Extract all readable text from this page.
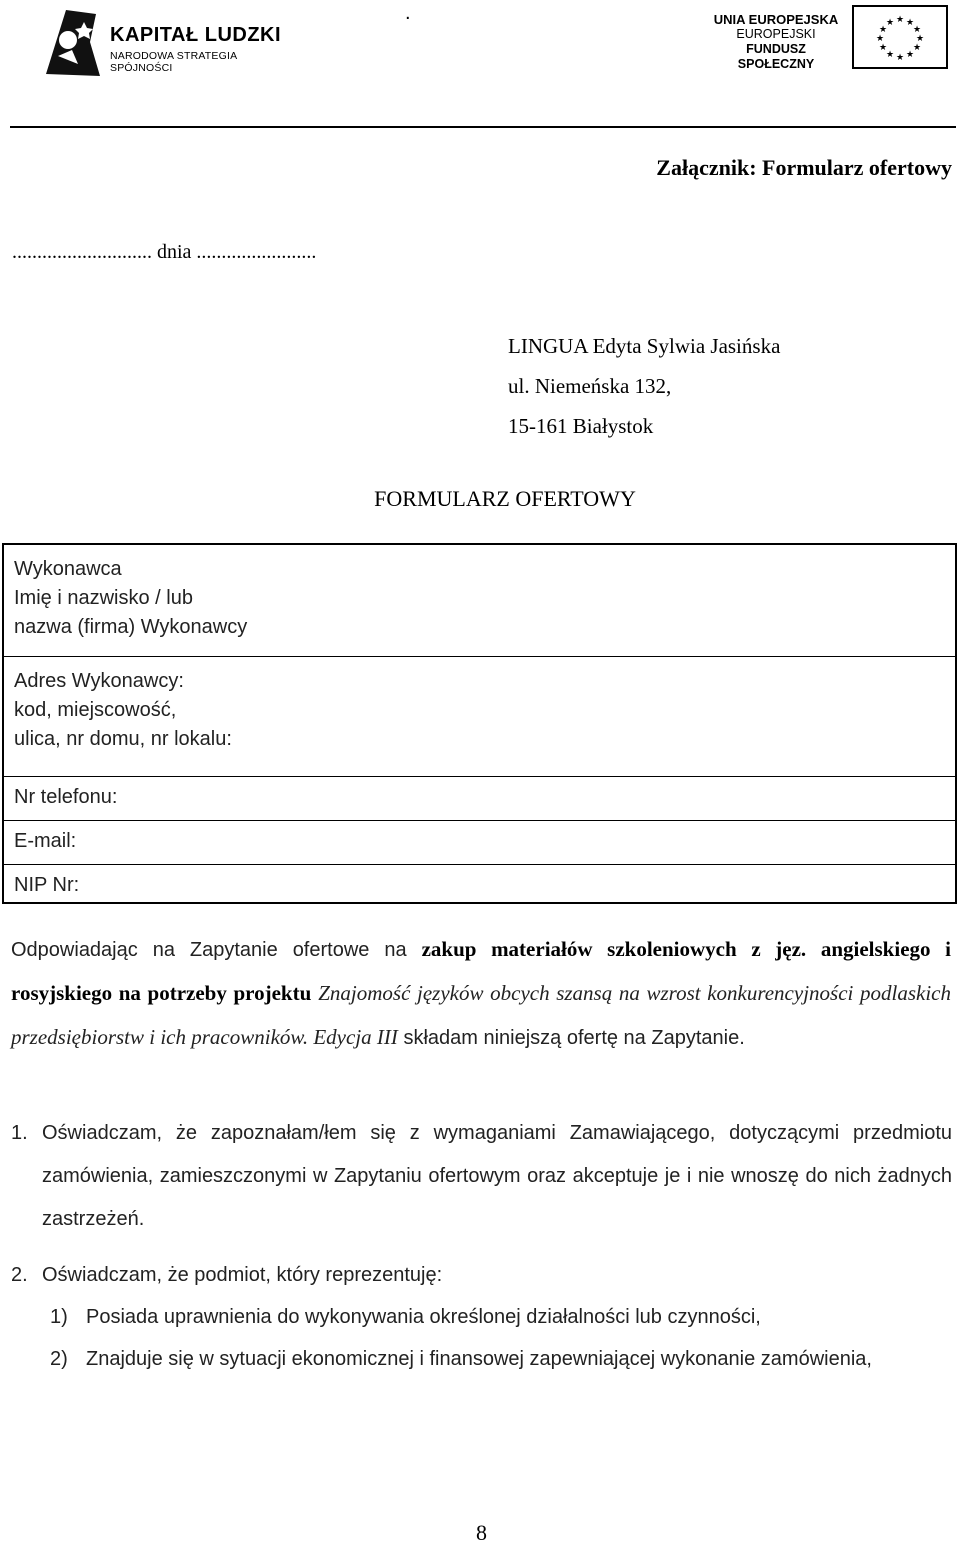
KAPITAŁ LUDZKI
NARODOWA STRATEGIA SPÓJNOŚCI
.	UNIA EUROPEJSKA
EUROPEJSKI
FUNDUSZ SPOŁECZNY
★ ★
★
★
★
★
★
★
★
★
★
★
Załącznik: Formularz ofertowy
............................ dnia ........................
LINGUA Edyta Sylwia Jasińska
ul. Niemeńska 132,
15-161 Białystok
FORMULARZ OFERTOWY
Wykonawca
Imię i nazwisko / lub
nazwa (firma) Wykonawcy
Adres Wykonawcy:
kod, miejscowość,
ulica, nr domu, nr lokalu:
Nr telefonu:
E-mail:
NIP Nr:
Odpowiadając na Zapytanie ofertowe na zakup materiałów szkoleniowych z jęz. angielskiego i rosyjskiego na potrzeby projektu Znajomość języków obcych szansą na wzrost konkurencyjności podlaskich przedsiębiorstw i ich pracowników. Edycja III składam niniejszą ofertę na Zapytanie.
1. Oświadczam, że zapoznałam/łem się z wymaganiami Zamawiającego, dotyczącymi przedmiotu zamówienia, zamieszczonymi w Zapytaniu ofertowym oraz akceptuje je i nie wnoszę do nich żadnych zastrzeżeń.
2. Oświadczam, że podmiot, który reprezentuję:
1) Posiada uprawnienia do wykonywania określonej działalności lub czynności,
2) Znajduje się w sytuacji ekonomicznej i finansowej zapewniającej wykonanie zamówienia,
8
